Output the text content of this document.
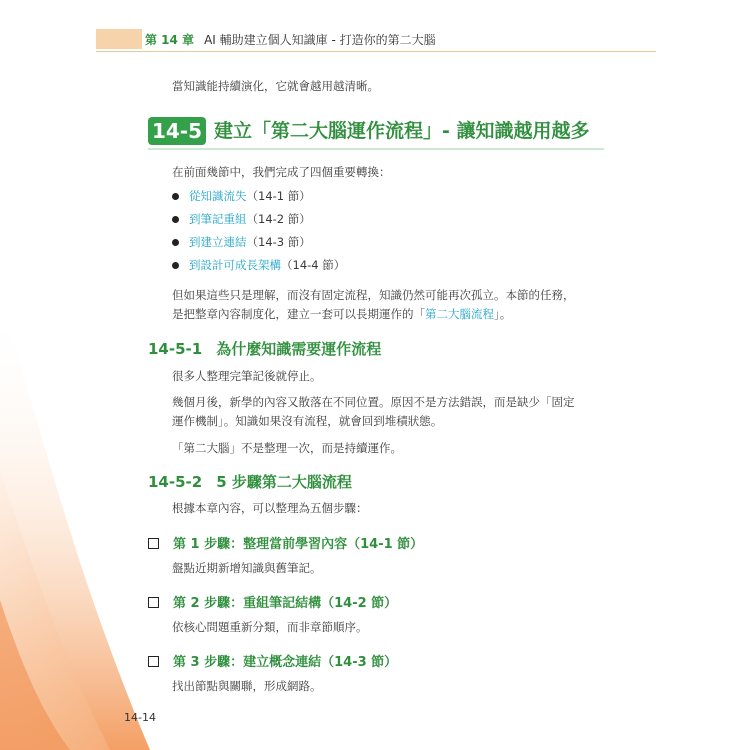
第 14 章 AI 輔助建立個人知識庫 - 打造你的第二大腦
當知識能持續演化，它就會越用越清晰。
14-5 建立「第二大腦運作流程」- 讓知識越用越多
在前面幾節中，我們完成了四個重要轉換：
從知識流失（14-1 節）
到筆記重組（14-2 節）
到建立連結（14-3 節）
到設計可成長架構（14-4 節）
但如果這些只是理解，而沒有固定流程，知識仍然可能再次孤立。本節的任務，
是把整章內容制度化，建立一套可以長期運作的「第二大腦流程」。
14-5-1 為什麼知識需要運作流程
很多人整理完筆記後就停止。
幾個月後，新學的內容又散落在不同位置。原因不是方法錯誤，而是缺少「固定
運作機制」。知識如果沒有流程，就會回到堆積狀態。
「第二大腦」不是整理一次，而是持續運作。
14-5-2 5 步驟第二大腦流程
根據本章內容，可以整理為五個步驟：
第 1 步驟：整理當前學習內容（14-1 節）
盤點近期新增知識與舊筆記。
第 2 步驟：重組筆記結構（14-2 節）
依核心問題重新分類，而非章節順序。
第 3 步驟：建立概念連結（14-3 節）
找出節點與關聯，形成網路。
14-14
